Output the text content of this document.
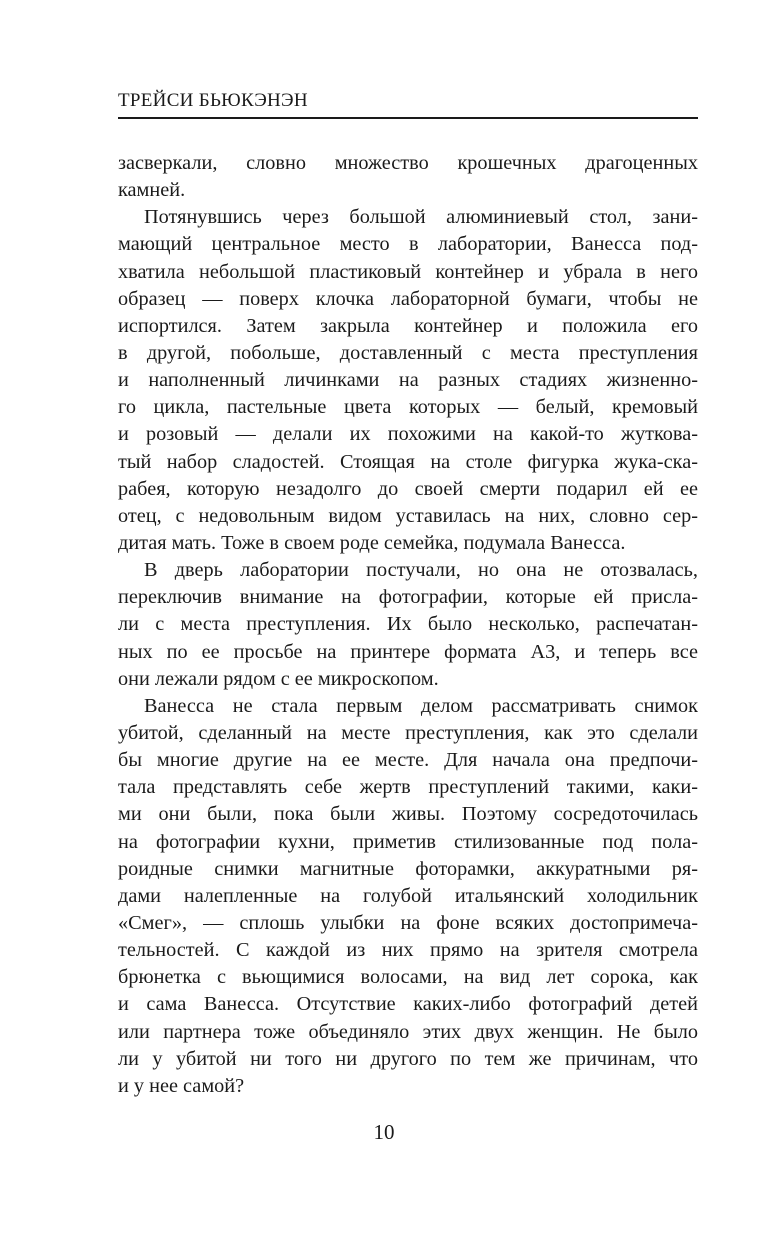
ТРЕЙСИ БЬЮКЭНЭН
засверкали, словно множество крошечных драгоценных
камней.
Потянувшись через большой алюминиевый стол, зани-
мающий центральное место в лаборатории, Ванесса под-
хватила небольшой пластиковый контейнер и убрала в него
образец — поверх клочка лабораторной бумаги, чтобы не
испортился. Затем закрыла контейнер и положила его
в другой, побольше, доставленный с места преступления
и наполненный личинками на разных стадиях жизненно-
го цикла, пастельные цвета которых — белый, кремовый
и розовый — делали их похожими на какой-то жуткова-
тый набор сладостей. Стоящая на столе фигурка жука-ска-
рабея, которую незадолго до своей смерти подарил ей ее
отец, с недовольным видом уставилась на них, словно сер-
дитая мать. Тоже в своем роде семейка, подумала Ванесса.
В дверь лаборатории постучали, но она не отозвалась,
переключив внимание на фотографии, которые ей присла-
ли с места преступления. Их было несколько, распечатан-
ных по ее просьбе на принтере формата А3, и теперь все
они лежали рядом с ее микроскопом.
Ванесса не стала первым делом рассматривать снимок
убитой, сделанный на месте преступления, как это сделали
бы многие другие на ее месте. Для начала она предпочи-
тала представлять себе жертв преступлений такими, каки-
ми они были, пока были живы. Поэтому сосредоточилась
на фотографии кухни, приметив стилизованные под пола-
роидные снимки магнитные фоторамки, аккуратными ря-
дами налепленные на голубой итальянский холодильник
«Смег», — сплошь улыбки на фоне всяких достопримеча-
тельностей. С каждой из них прямо на зрителя смотрела
брюнетка с вьющимися волосами, на вид лет сорока, как
и сама Ванесса. Отсутствие каких-либо фотографий детей
или партнера тоже объединяло этих двух женщин. Не было
ли у убитой ни того ни другого по тем же причинам, что
и у нее самой?
10
